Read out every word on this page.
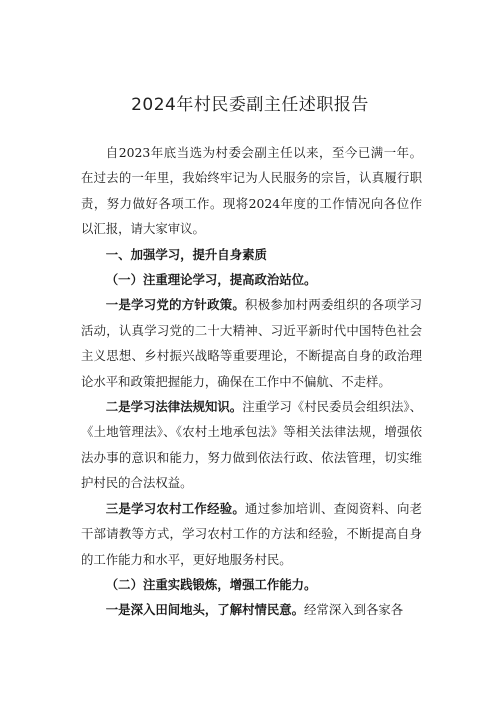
2024年村民委副主任述职报告

自2023年底当选为村委会副主任以来，至今已满一年。在过去的一年里，我始终牢记为人民服务的宗旨，认真履行职责，努力做好各项工作。现将2024年度的工作情况向各位作以汇报，请大家审议。

一、加强学习，提升自身素质

（一）注重理论学习，提高政治站位。

一是学习党的方针政策。积极参加村两委组织的各项学习活动，认真学习党的二十大精神、习近平新时代中国特色社会主义思想、乡村振兴战略等重要理论，不断提高自身的政治理论水平和政策把握能力，确保在工作中不偏航、不走样。

二是学习法律法规知识。注重学习《村民委员会组织法》、《土地管理法》、《农村土地承包法》等相关法律法规，增强依法办事的意识和能力，努力做到依法行政、依法管理，切实维护村民的合法权益。

三是学习农村工作经验。通过参加培训、查阅资料、向老干部请教等方式，学习农村工作的方法和经验，不断提高自身的工作能力和水平，更好地服务村民。

（二）注重实践锻炼，增强工作能力。

一是深入田间地头，了解村情民意。经常深入到各家各
